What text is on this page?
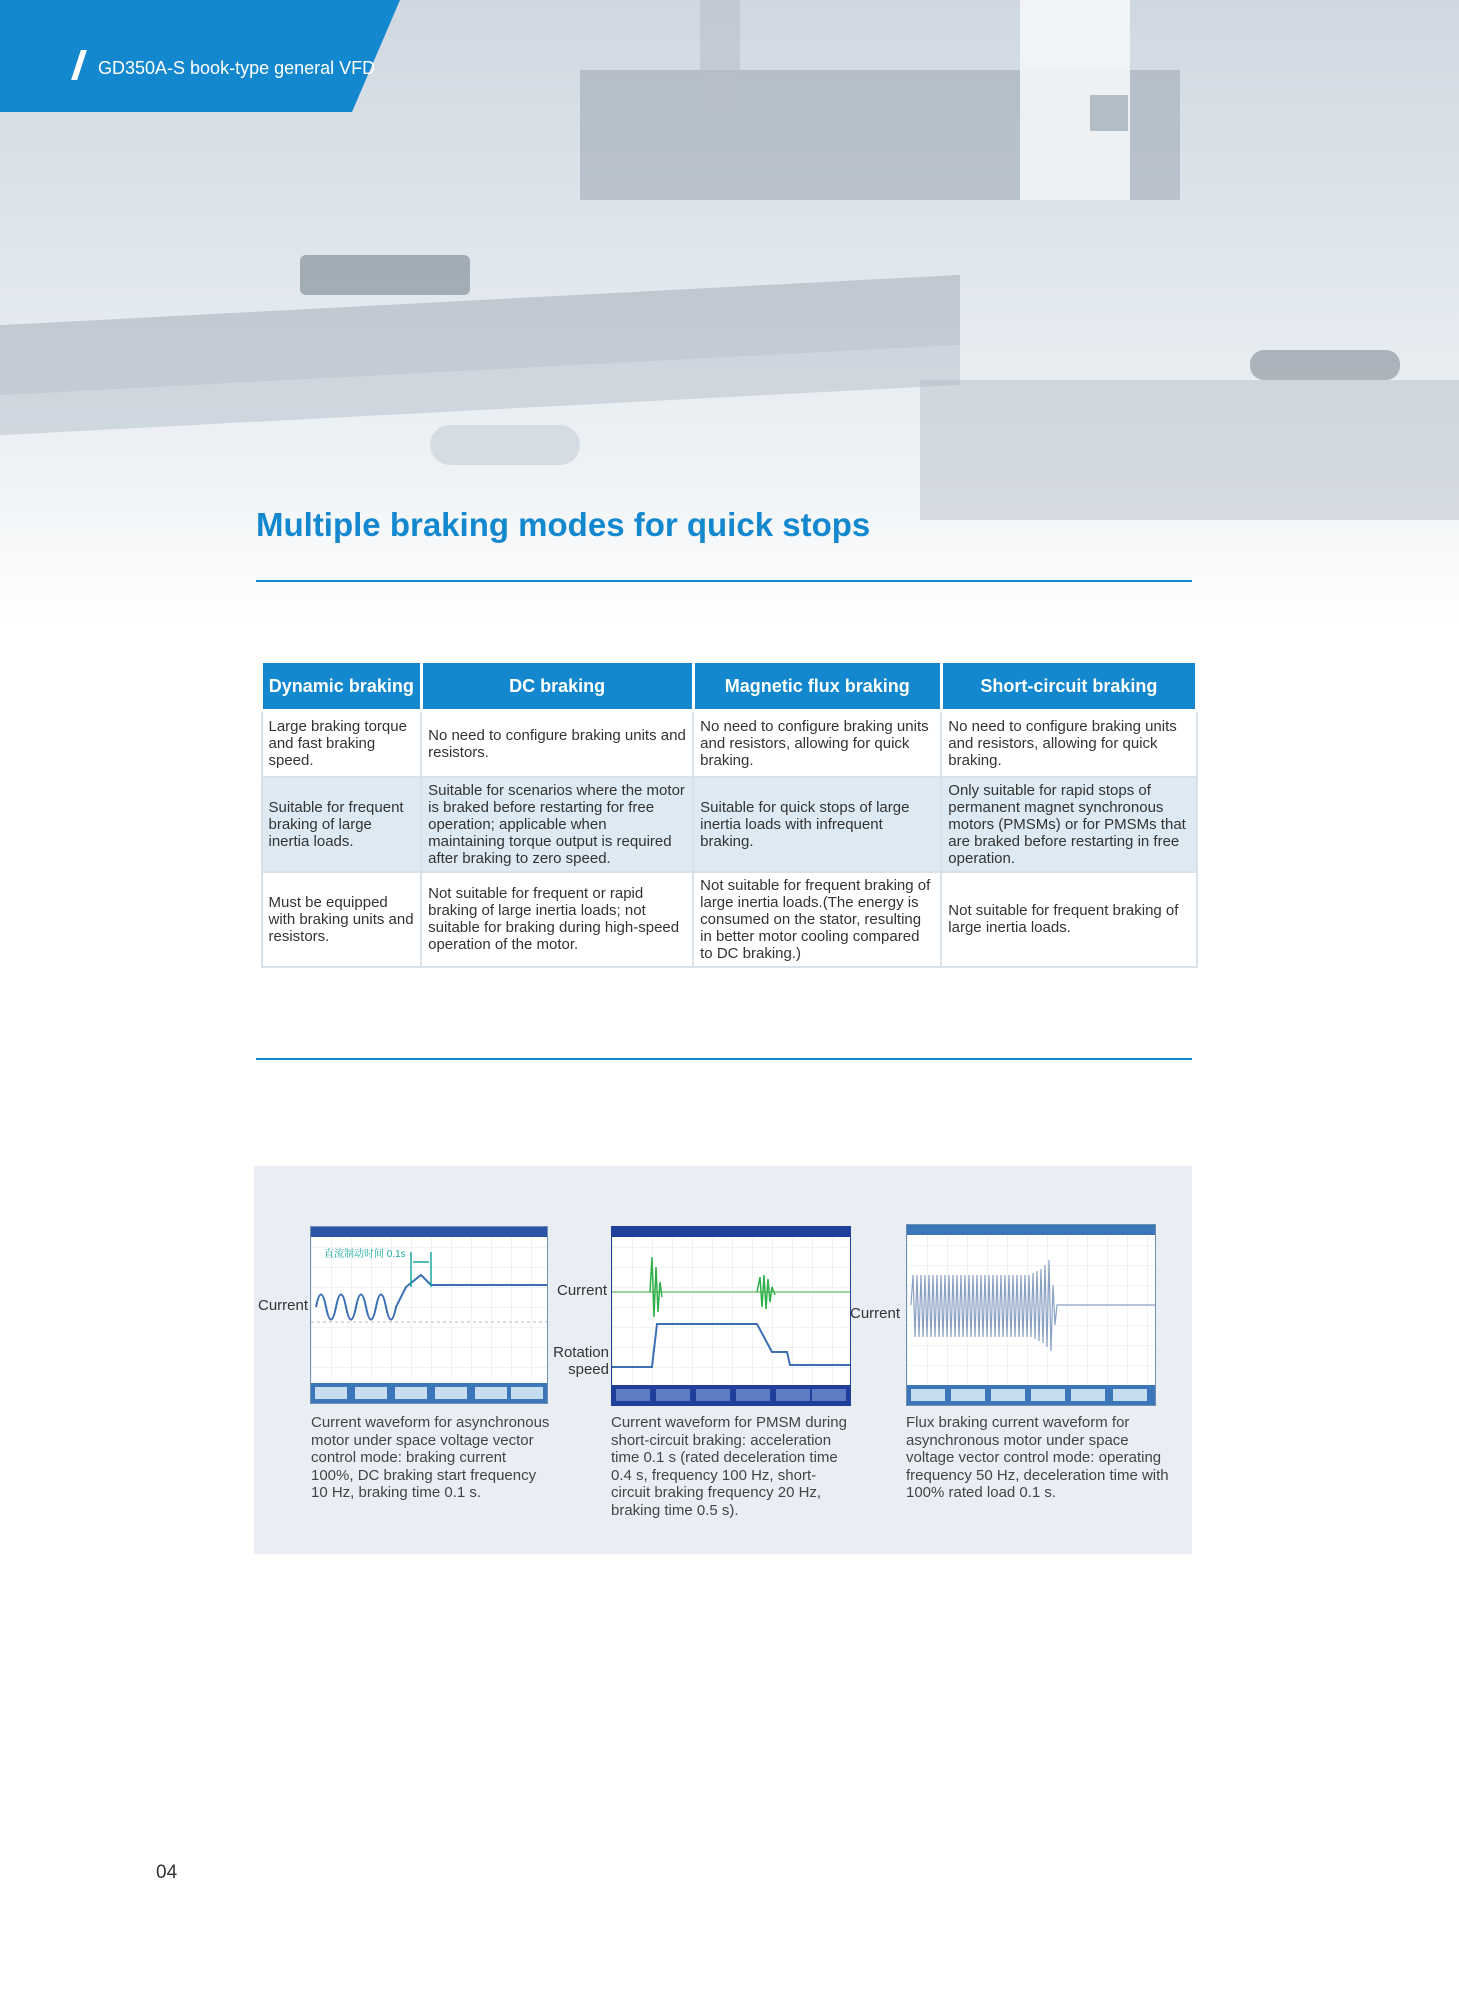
GD350A-S book-type general VFD
Multiple braking modes for quick stops
Dynamic braking	DC braking	Magnetic flux braking	Short-circuit braking
Large braking torque and fast braking speed.	No need to configure braking units and resistors.	No need to configure braking units and resistors, allowing for quick braking.	No need to configure braking units and resistors, allowing for quick braking.
Suitable for frequent braking of large inertia loads.	Suitable for scenarios where the motor is braked before restarting for free operation; applicable when maintaining torque output is required after braking to zero speed.	Suitable for quick stops of large inertia loads with infrequent braking.	Only suitable for rapid stops of permanent magnet synchronous motors (PMSMs) or for PMSMs that are braked before restarting in free operation.
Must be equipped with braking units and resistors.	Not suitable for frequent or rapid braking of large inertia loads; not suitable for braking during high-speed operation of the motor.	Not suitable for frequent braking of large inertia loads.(The energy is consumed on the stator, resulting in better motor cooling compared to DC braking.)	Not suitable for frequent braking of large inertia loads.
直流制动时间 0.1s
Current
Current waveform for asynchronous motor under space voltage vector control mode: braking current 100%, DC braking start frequency 10 Hz, braking time 0.1 s.
Current
Rotation speed
Current waveform for PMSM during short-circuit braking: acceleration time 0.1 s (rated deceleration time 0.4 s, frequency 100 Hz, short-circuit braking frequency 20 Hz, braking time 0.5 s).
Current
Flux braking current waveform for asynchronous motor under space voltage vector control mode: operating frequency 50 Hz, deceleration time with 100% rated load 0.1 s.
04
